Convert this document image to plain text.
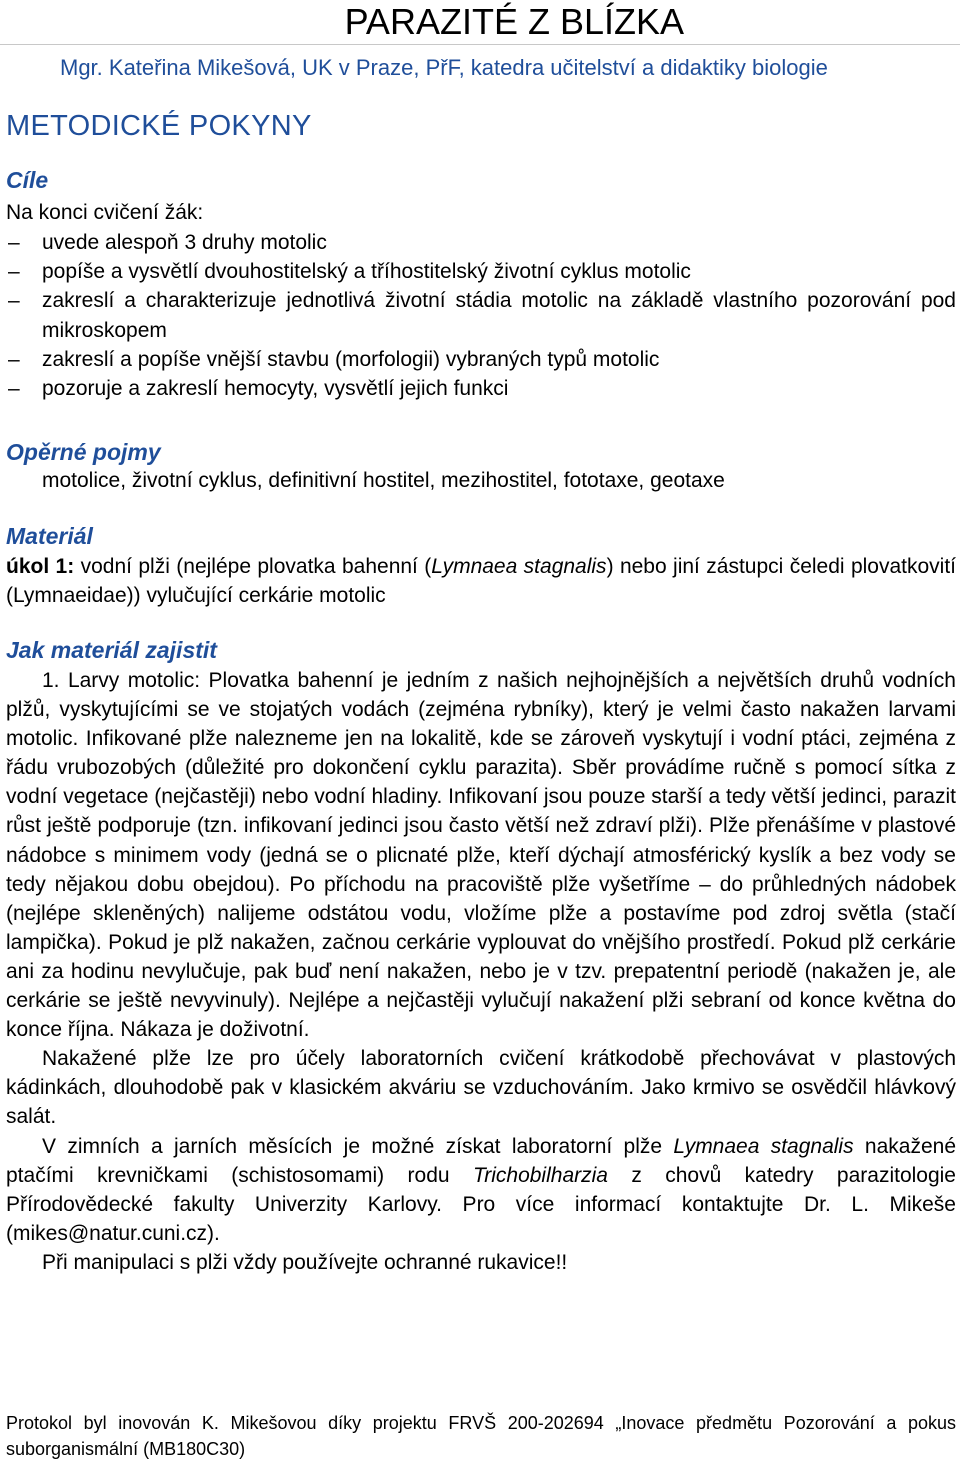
PARAZITÉ Z BLÍZKA
Mgr. Kateřina Mikešová, UK v Praze, PřF, katedra učitelství a didaktiky biologie
METODICKÉ POKYNY
Cíle
Na konci cvičení žák:
– uvede alespoň 3 druhy motolic
– popíše a vysvětlí dvouhostitelský a tříhostitelský životní cyklus motolic
– zakreslí a charakterizuje jednotlivá životní stádia motolic na základě vlastního pozorování pod mikroskopem
– zakreslí a popíše vnější stavbu (morfologii) vybraných typů motolic
– pozoruje a zakreslí hemocyty, vysvětlí jejich funkci
Opěrné pojmy
motolice, životní cyklus, definitivní hostitel, mezihostitel, fototaxe, geotaxe
Materiál
úkol 1: vodní plži (nejlépe plovatka bahenní (Lymnaea stagnalis) nebo jiní zástupci čeledi plovatkovití (Lymnaeidae)) vylučující cerkárie motolic
Jak materiál zajistit

1. Larvy motolic: Plovatka bahenní je jedním z našich nejhojnějších a největších druhů vodních plžů, vyskytujícími se ve stojatých vodách (zejména rybníky), který je velmi často nakažen larvami motolic. Infikované plže nalezneme jen na lokalitě, kde se zároveň vyskytují i vodní ptáci, zejména z řádu vrubozobých (důležité pro dokončení cyklu parazita). Sběr provádíme ručně s pomocí sítka z vodní vegetace (nejčastěji) nebo vodní hladiny. Infikovaní jsou pouze starší a tedy větší jedinci, parazit růst ještě podporuje (tzn. infikovaní jedinci jsou často větší než zdraví plži). Plže přenášíme v plastové nádobce s minimem vody (jedná se o plicnaté plže, kteří dýchají atmosférický kyslík a bez vody se tedy nějakou dobu obejdou). Po příchodu na pracoviště plže vyšetříme – do průhledných nádobek (nejlépe skleněných) nalijeme odstátou vodu, vložíme plže a postavíme pod zdroj světla (stačí lampička). Pokud je plž nakažen, začnou cerkárie vyplouvat do vnějšího prostředí. Pokud plž cerkárie ani za hodinu nevylučuje, pak buď není nakažen, nebo je v tzv. prepatentní periodě (nakažen je, ale cerkárie se ještě nevyvinuly). Nejlépe a nejčastěji vylučují nakažení plži sebraní od konce května do konce října. Nákaza je doživotní.

Nakažené plže lze pro účely laboratorních cvičení krátkodobě přechovávat v plastových kádinkách, dlouhodobě pak v klasickém akváriu se vzduchováním. Jako krmivo se osvědčil hlávkový salát.

V zimních a jarních měsících je možné získat laboratorní plže Lymnaea stagnalis nakažené ptačími krevničkami (schistosomami) rodu Trichobilharzia z chovů katedry parazitologie Přírodovědecké fakulty Univerzity Karlovy. Pro více informací kontaktujte Dr. L. Mikeše (mikes@natur.cuni.cz).

Při manipulaci s plži vždy používejte ochranné rukavice!!

Protokol byl inovován K. Mikešovou díky projektu FRVŠ 200-202694 „Inovace předmětu Pozorování a pokus suborganismální (MB180C30)
